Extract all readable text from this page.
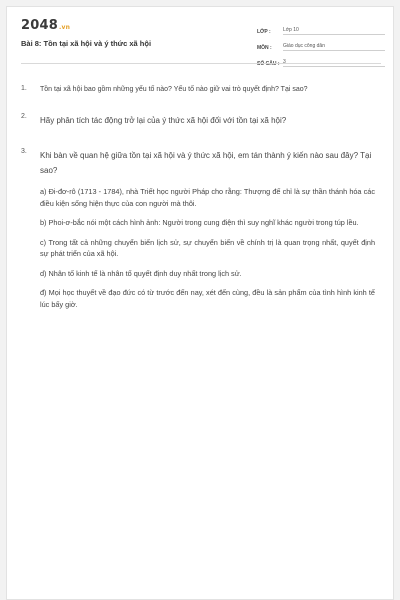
2048.vn
Bài 8: Tồn tại xã hội và ý thức xã hội
LỚP :	Lớp 10
MÔN :	Giáo dục công dân
SỐ CÂU : 3
1.	Tồn tại xã hội bao gồm những yếu tố nào? Yếu tố nào giữ vai trò quyết định? Tại sao?
2.	Hãy phân tích tác động trở lại của ý thức xã hội đối với tồn tại xã hội?
3.	Khi bàn về quan hệ giữa tồn tại xã hội và ý thức xã hội, em tán thành ý kiến nào sau đây? Tại sao?
a) Đi-đơ-rô (1713 - 1784), nhà Triết học người Pháp cho rằng: Thượng đế chỉ là sự thần thánh hóa các điều kiện sống hiện thực của con người mà thôi.
b) Phoi-ơ-bắc nói một cách hình ảnh: Người trong cung điện thì suy nghĩ khác người trong túp lều.
c) Trong tất cả những chuyển biến lịch sử, sự chuyển biến về chính trị là quan trọng nhất, quyết định sự phát triển của xã hội.
d) Nhân tố kinh tế là nhân tố quyết định duy nhất trong lịch sử.
đ) Mọi học thuyết về đạo đức có từ trước đến nay, xét đến cùng, đều là sản phẩm của tình hình kinh tế lúc bấy giờ.
